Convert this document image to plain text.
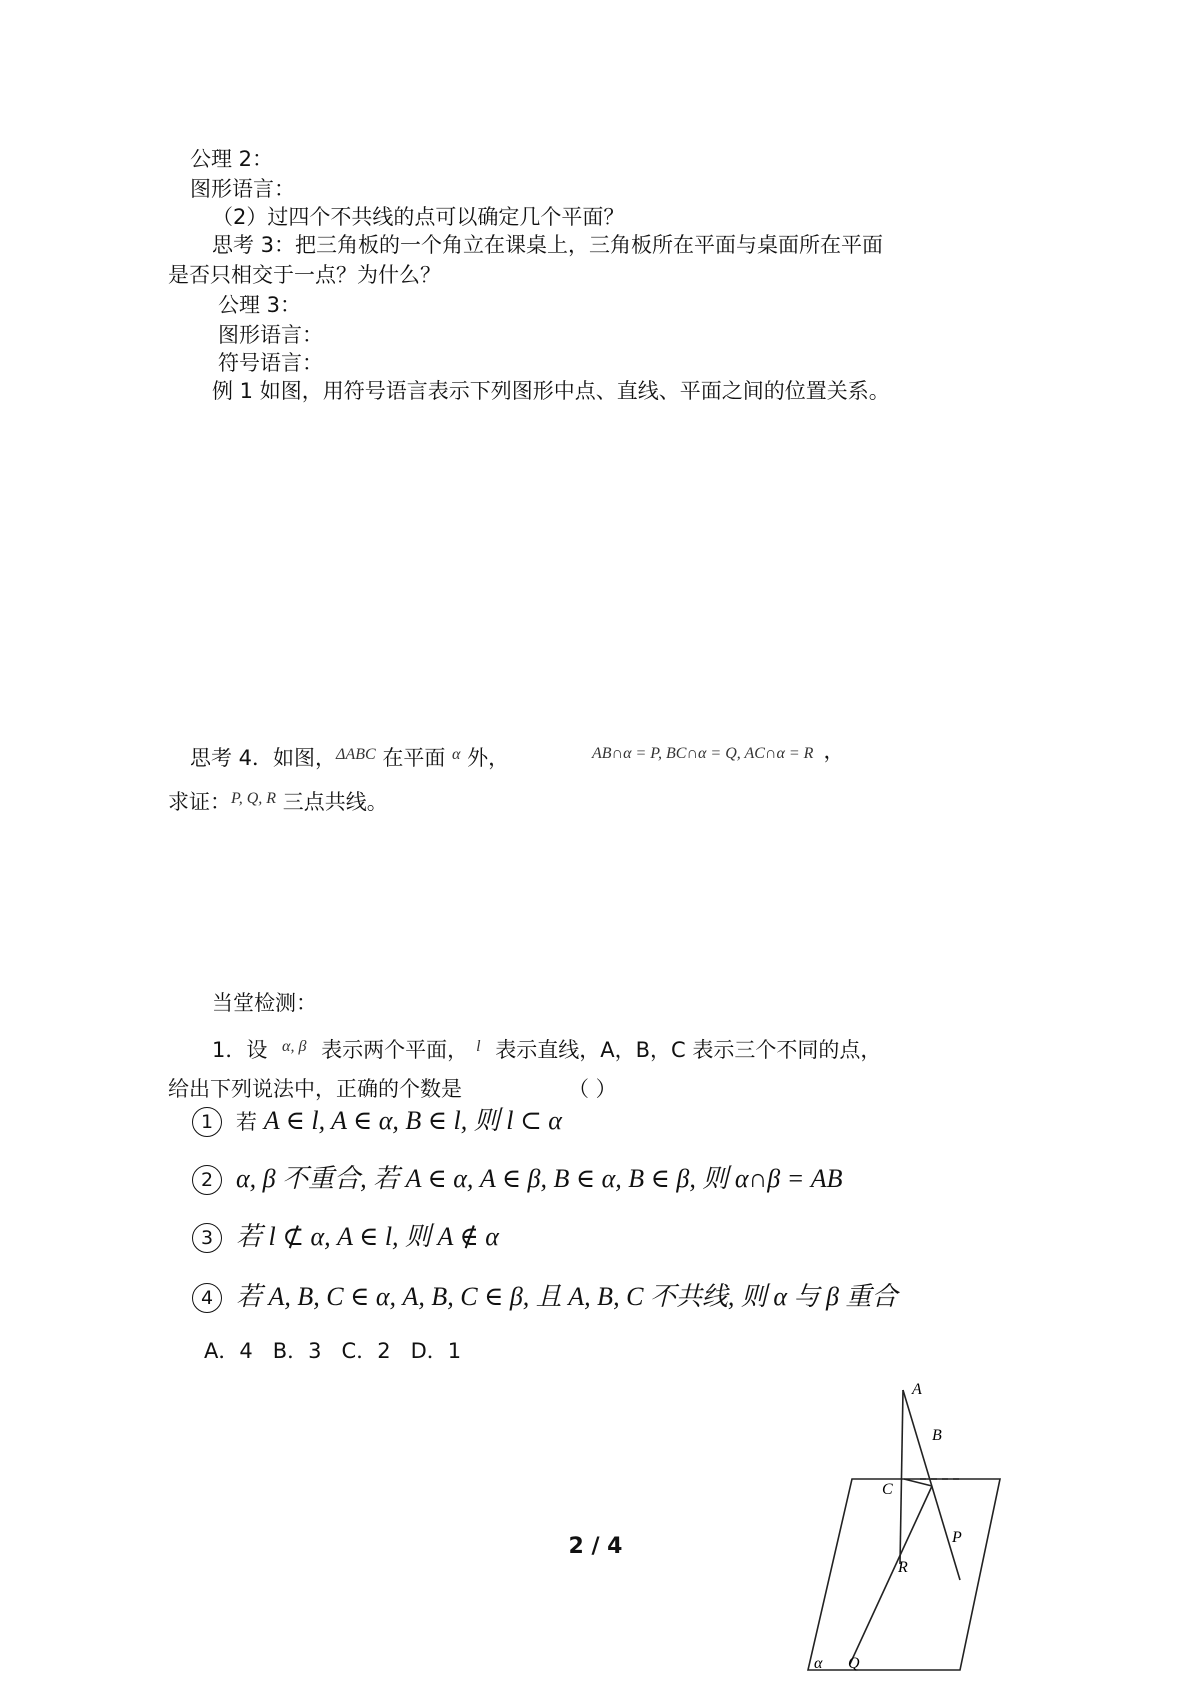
公理 2：
图形语言：
（2）过四个不共线的点可以确定几个平面？
思考 3：把三角板的一个角立在课桌上，三角板所在平面与桌面所在平面
是否只相交于一点？为什么？
公理 3：
图形语言：
符号语言：
例 1 如图，用符号语言表示下列图形中点、直线、平面之间的位置关系。
思考 4．如图，$^{\Delta ABC}$ 在平面 $^\alpha$ 外，	AB∩α = P, BC∩α = Q, AC∩α = R ，
求证：$^{P, Q, R}$ 三点共线。
当堂检测：
1．设 $^{\alpha, \beta}$ 表示两个平面， $^l$ 表示直线，A，B，C 表示三个不同的点，
给出下列说法中，正确的个数是	（ ）
1 若 A ∈ l, A ∈ α, B ∈ l, 则 l ⊂ α
2 α, β 不重合, 若 A ∈ α, A ∈ β, B ∈ α, B ∈ β, 则 α∩β = AB
3 若 l ⊄ α, A ∈ l, 则 A ∉ α
4 若 A, B, C ∈ α, A, B, C ∈ β, 且 A, B, C 不共线, 则 α 与 β 重合
A．4   B．3   C．2   D．1
2 / 4
A
B
C
P
R
Q
α
